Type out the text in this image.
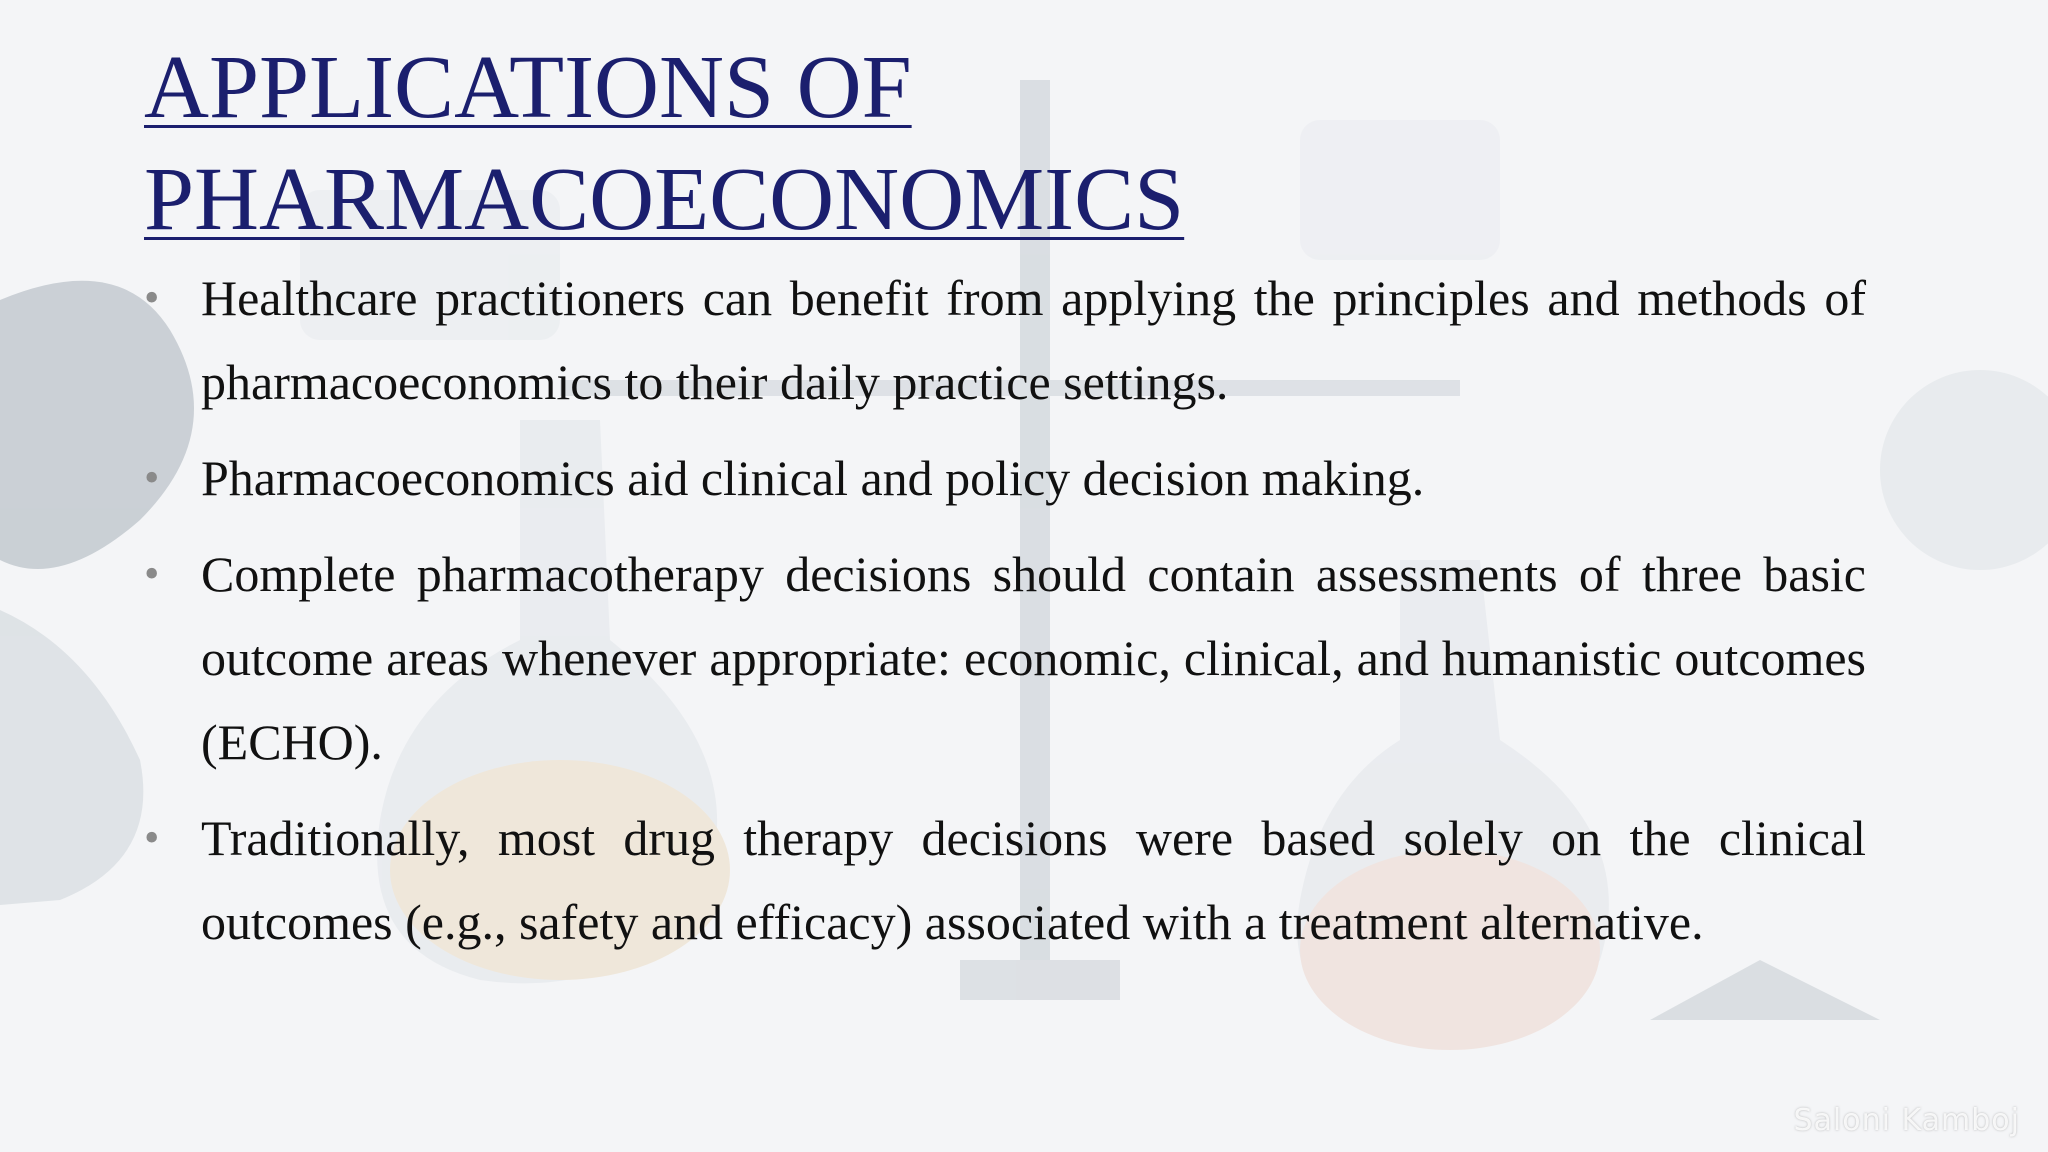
APPLICATIONS OF
PHARMACOECONOMICS
• Healthcare practitioners can benefit from applying the principles and methods of pharmacoeconomics to their daily practice settings.
• Pharmacoeconomics aid clinical and policy decision making.
• Complete pharmacotherapy decisions should contain assessments of three basic outcome areas whenever appropriate: economic, clinical, and humanistic outcomes (ECHO).
• Traditionally, most drug therapy decisions were based solely on the clinical outcomes (e.g., safety and efficacy) associated with a treatment alternative.
Saloni Kamboj
